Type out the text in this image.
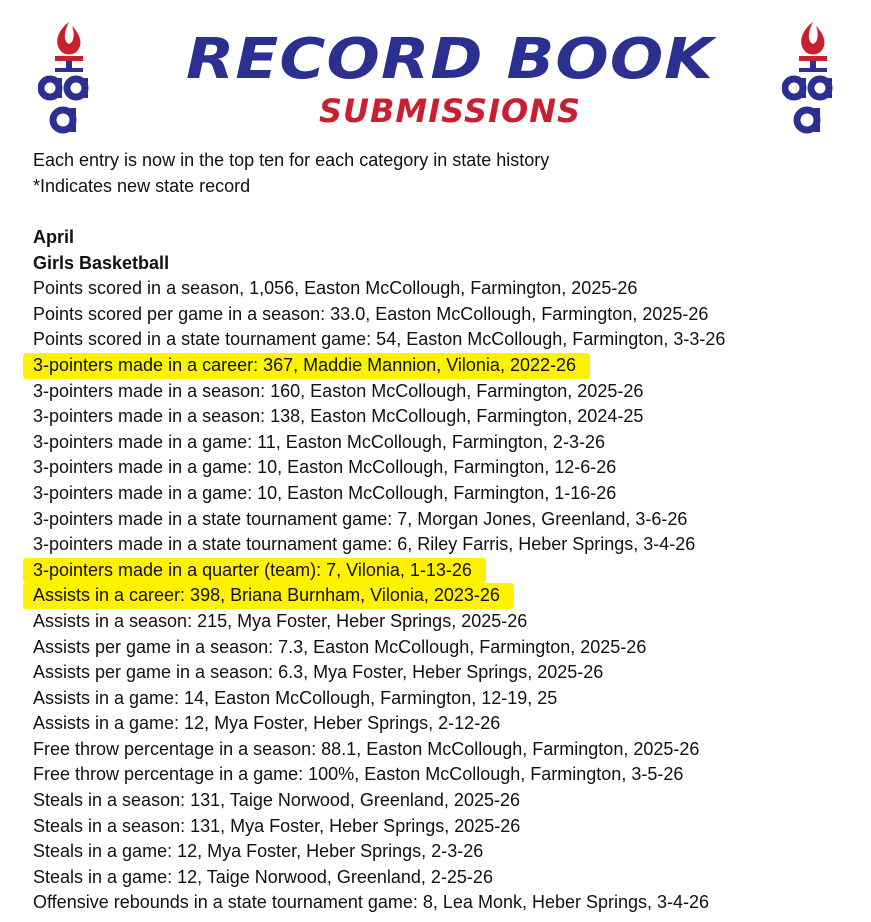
RECORD BOOK
SUBMISSIONS
Each entry is now in the top ten for each category in state history
*Indicates new state record
April
Girls Basketball
Points scored in a season, 1,056, Easton McCollough, Farmington, 2025-26
Points scored per game in a season: 33.0, Easton McCollough, Farmington, 2025-26
Points scored in a state tournament game: 54, Easton McCollough, Farmington, 3-3-26
3-pointers made in a career: 367, Maddie Mannion, Vilonia, 2022-26
3-pointers made in a season: 160, Easton McCollough, Farmington, 2025-26
3-pointers made in a season: 138, Easton McCollough, Farmington, 2024-25
3-pointers made in a game: 11, Easton McCollough, Farmington, 2-3-26
3-pointers made in a game: 10, Easton McCollough, Farmington, 12-6-26
3-pointers made in a game: 10, Easton McCollough, Farmington, 1-16-26
3-pointers made in a state tournament game: 7, Morgan Jones, Greenland, 3-6-26
3-pointers made in a state tournament game: 6, Riley Farris, Heber Springs, 3-4-26
3-pointers made in a quarter (team): 7, Vilonia, 1-13-26
Assists in a career: 398, Briana Burnham, Vilonia, 2023-26
Assists in a season: 215, Mya Foster, Heber Springs, 2025-26
Assists per game in a season: 7.3, Easton McCollough, Farmington, 2025-26
Assists per game in a season: 6.3, Mya Foster, Heber Springs, 2025-26
Assists in a game: 14, Easton McCollough, Farmington, 12-19, 25
Assists in a game: 12, Mya Foster, Heber Springs, 2-12-26
Free throw percentage in a season: 88.1, Easton McCollough, Farmington, 2025-26
Free throw percentage in a game: 100%, Easton McCollough, Farmington, 3-5-26
Steals in a season: 131, Taige Norwood, Greenland, 2025-26
Steals in a season: 131, Mya Foster, Heber Springs, 2025-26
Steals in a game: 12, Mya Foster, Heber Springs, 2-3-26
Steals in a game: 12, Taige Norwood, Greenland, 2-25-26
Offensive rebounds in a state tournament game: 8, Lea Monk, Heber Springs, 3-4-26
